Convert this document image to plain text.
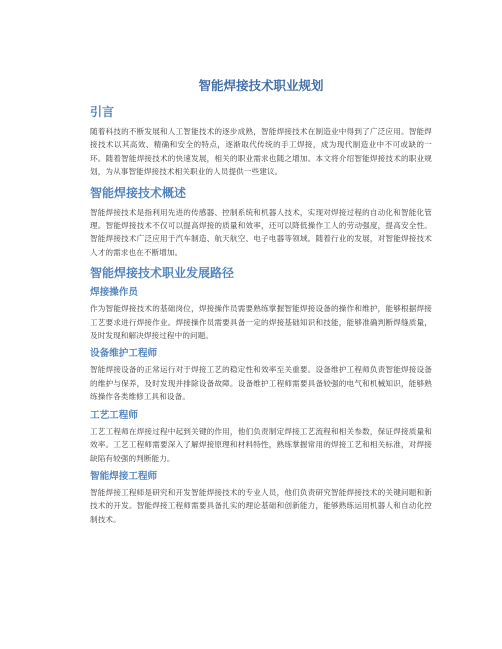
智能焊接技术职业规划
引言

随着科技的不断发展和人工智能技术的逐步成熟，智能焊接技术在制造业中得到了广泛应用。智能焊接技术以其高效、精确和安全的特点，逐渐取代传统的手工焊接，成为现代制造业中不可或缺的一环。随着智能焊接技术的快速发展，相关的职业需求也随之增加。本文将介绍智能焊接技术的职业规划，为从事智能焊接技术相关职业的人员提供一些建议。

智能焊接技术概述

智能焊接技术是指利用先进的传感器、控制系统和机器人技术，实现对焊接过程的自动化和智能化管理。智能焊接技术不仅可以提高焊接的质量和效率，还可以降低操作工人的劳动强度，提高安全性。智能焊接技术广泛应用于汽车制造、航天航空、电子电器等领域。随着行业的发展，对智能焊接技术人才的需求也在不断增加。

智能焊接技术职业发展路径
焊接操作员

作为智能焊接技术的基础岗位，焊接操作员需要熟练掌握智能焊接设备的操作和维护，能够根据焊接工艺要求进行焊接作业。焊接操作员需要具备一定的焊接基础知识和技能，能够准确判断焊缝质量，及时发现和解决焊接过程中的问题。

设备维护工程师

智能焊接设备的正常运行对于焊接工艺的稳定性和效率至关重要。设备维护工程师负责智能焊接设备的维护与保养，及时发现并排除设备故障。设备维护工程师需要具备较强的电气和机械知识，能够熟练操作各类维修工具和设备。

工艺工程师

工艺工程师在焊接过程中起到关键的作用，他们负责制定焊接工艺流程和相关参数，保证焊接质量和效率。工艺工程师需要深入了解焊接原理和材料特性，熟练掌握常用的焊接工艺和相关标准，对焊接缺陷有较强的判断能力。

智能焊接工程师

智能焊接工程师是研究和开发智能焊接技术的专业人员，他们负责研究智能焊接技术的关键问题和新技术的开发。智能焊接工程师需要具备扎实的理论基础和创新能力，能够熟练运用机器人和自动化控制技术。
